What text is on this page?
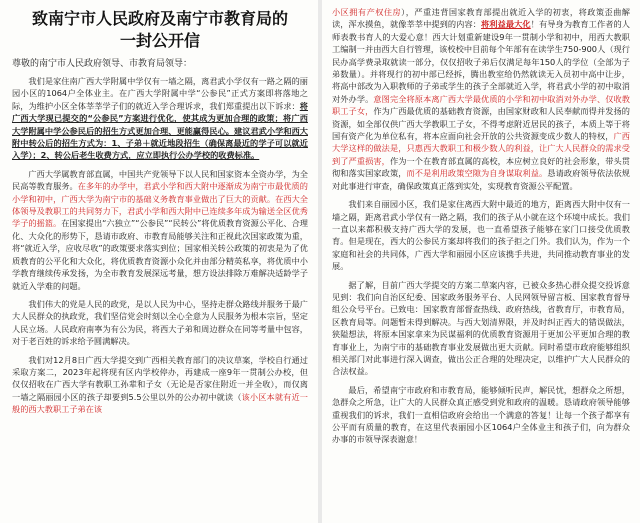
致南宁市人民政府及南宁市教育局的
一封公开信
尊敬的南宁市人民政府领导、市教育局领导：

我们是家住南广西大学附属中学仅有一墙之隔，离君武小学仅有一路之隔的丽园小区的1064户全体业主。在广西大学附属中学“公参民”正式方案即将落地之际，为维护小区全体莘莘学子们的就近入学合理诉求，我们郑重提出以下诉求：将广西大学现已提交的“公参民”方案进行优化，使其成为更加合理的政策；将广西大学附属中学公参民后的招生方式更加合理、更能赢得民心。建议君武小学和西大附中转公后的招生方式为：1、子弟＋就近地段招生（确保离最近的学子可以就近入学）；2、转公后老生收费方式，应立即执行公办学校的收费标准。

广西大学属教育部直属，中国共产党领导下以人民和国家资本全资办学，为全民高等教育服务。在多年的办学中，君武小学和西大附中逐渐成为南宁市最优质的小学和初中，广西大学为南宁市的基础义务教育事业做出了巨大的贡献。在西大全体领导及教职工的共同努力下，君武小学和西大附中已连续多年成为输送全区优秀学子的摇篮。在国家提出“六独立”“公参民”“民转公”将优质教育资源公平化、合理化、大众化的形势下，恳请市政府、市教育局能够关注和正视此次国家政策为重，将“就近入学，应收尽收”的政策要求落实到位；国家相关转公政策的初衷是为了优质教育的公平化和大众化，将优质教育资源小众化并由部分精英私享，将优质中小学教育继续传承发扬，为全市教育发展深远考量，想方设法排除万难解决适龄学子就近入学难的问题。

我们伟大的党是人民的政党，是以人民为中心，坚持走群众路线并服务于最广大人民群众的执政党，我们坚信党会时刻以全心全意为人民服务为根本宗旨，坚定人民立场。人民政府南寧为有公为民，将西大子弟和周边群众在同等考量中包容，对于老百姓的诉求给予圆满解决。

我们对12月8日广西大学提交到广西相关教育部门的决议草案，学校自行通过采取方案二，2023年起将现有区内学校停办，再建成一座9年一贯制公办校，但仅仅招收在广西大学有教职工孙辈和子女（无论是否家住附近一并全收），而仅离一墙之隔丽园小区的孩子却要到5.5公里以外的公办初中就读（该小区本就有近一般的西大教职工子弟在该

小区拥有产权住房），严重违背国家教育部提出就近入学的初衷，将政策歪曲解读，浑水摸鱼，就像莘莘中提到的内容：将利益最大化！有导身为教育工作者的人师表教书育人的大爱心意！西大计划重新建设9年一贯制小学和初中，用西大教职工编制一并由西大自行管理，该校校中目前每个年部有在读学生750-900人（现行民办高学费录取就读一部分，仅仅招收子弟后仅满足每年150人的学位（全部为子弟数量）。并将现行的初中部已经拆，腾出教室给仍然就读无入员初中高中让步，将高中部改为入职教师的子弟或学生的孩子全部就近入学，将君武小学的初中取消对外办学。意图完全将原本离广西大学最优质的小学和初中取消对外办学、仅收教职工子女，作为广西最优质的基础教育资源，由国家财政和人民奉献而得并发扬的资源，如全部仅供广西大学教职工子女，不得考虑附近居民的孩子，本质上等于将国有资产化为单位私有，将本应面向社会开放的公共资源变成少数人的特权，广西大学这样的做法是，只惠西大教职工和极少数人的利益，让广大人民群众的需求受到了严重损害，作为一个在教育部直属的高校，本应树立良好的社会形象，带头贯彻和落实国家政策，而不是利用政策空隙为自身谋取利益。恳请政府领导依法依规对此事进行审查，确保政策真正落到实处，实现教育资源公平配置。

我们来自丽园小区，我们是家住离西大附中最近的地方，距离西大附中仅有一墙之隔，距离君武小学仅有一路之隔，我们的孩子从小就在这个环境中成长。我们一直以来都积极支持广西大学的发展，也一直希望孩子能够在家门口接受优质教育。但是现在，西大的公参民方案却将我们的孩子拒之门外。我们认为，作为一个家庭和社会的共同体，广西大学和丽园小区应该携手共进，共同推动教育事业的发展。

据了解，目前广西大学提交的方案二草案内容，已被众多热心群众提交投诉意见到：我们向自治区纪委、国家政务服务平台、人民网领导留言板、国家教育督导组公众号平台。已致电：国家教育部督查热线、政府热线，省教育厅，市教育局，区教育局等。问题暂未得到解决。与西大划清界限，并及时纠正西大的错误做法，狭隘想法，将原本国家拿来为民谋福利的优质教育资源用于更加公平更加合理的教育事业上，为南宁市的基础教育事业发展做出更大贡献。同时希望市政府能够组织相关部门对此事进行深入调查，做出公正合理的处理决定，以维护广大人民群众的合法权益。

最后，希望南宁市政府和市教育局，能够倾听民声，解民忧，想群众之所想，急群众之所急，让广大的人民群众真正感受到党和政府的温暖。恳请政府领导能够重视我们的诉求，我们一直相信政府会给出一个满意的答复！让每一个孩子都享有公平而有质量的教育，在这里代表丽园小区1064户全体业主和孩子们，向为群众办事的市领导深表谢意！
